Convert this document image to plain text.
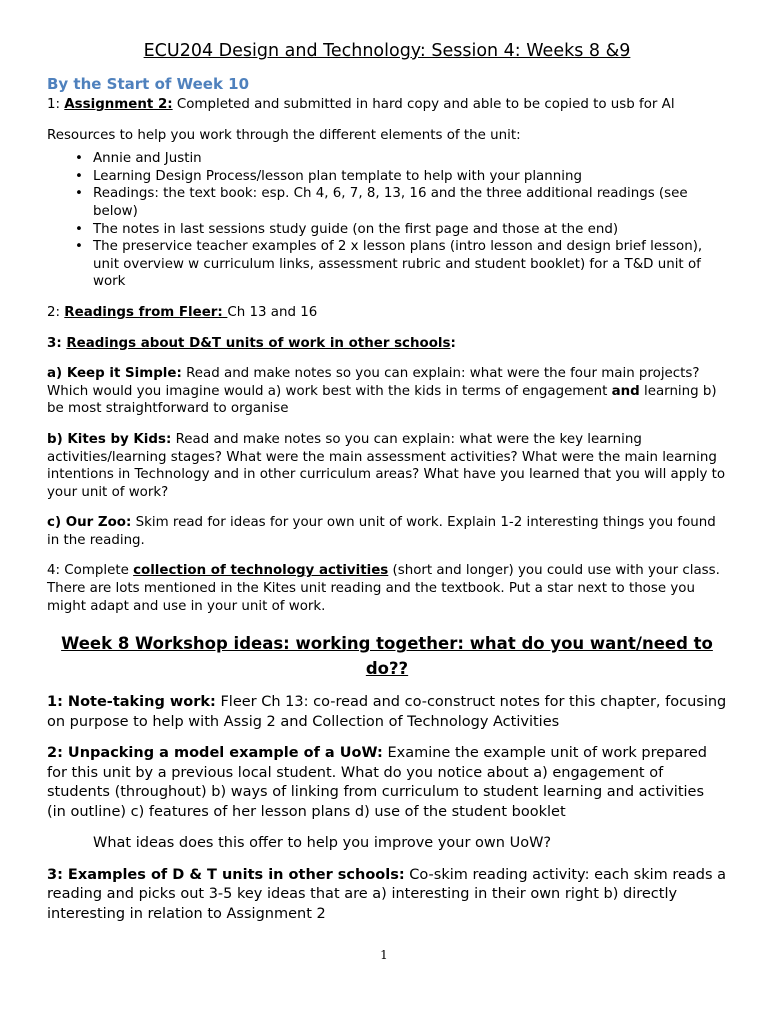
ECU204 Design and Technology: Session 4: Weeks 8 &9
By the Start of Week 10

1: Assignment 2: Completed and submitted in hard copy and able to be copied to usb for Al

Resources to help you work through the different elements of the unit:

• Annie and Justin
• Learning Design Process/lesson plan template to help with your planning
• Readings: the text book: esp. Ch 4, 6, 7, 8, 13, 16 and the three additional readings (see below)
• The notes in last sessions study guide (on the first page and those at the end)
• The preservice teacher examples of 2 x lesson plans (intro lesson and design brief lesson), unit overview w curriculum links, assessment rubric and student booklet) for a T&D unit of work

2: Readings from Fleer: Ch 13 and 16

3: Readings about D&T units of work in other schools:

a) Keep it Simple: Read and make notes so you can explain: what were the four main projects? Which would you imagine would a) work best with the kids in terms of engagement and learning b) be most straightforward to organise

b) Kites by Kids: Read and make notes so you can explain: what were the key learning activities/learning stages? What were the main assessment activities? What were the main learning intentions in Technology and in other curriculum areas? What have you learned that you will apply to your unit of work?

c) Our Zoo: Skim read for ideas for your own unit of work. Explain 1-2 interesting things you found in the reading.

4: Complete collection of technology activities (short and longer) you could use with your class. There are lots mentioned in the Kites unit reading and the textbook. Put a star next to those you might adapt and use in your unit of work.

Week 8 Workshop ideas: working together: what do you want/need to do??

1: Note-taking work: Fleer Ch 13: co-read and co-construct notes for this chapter, focusing on purpose to help with Assig 2 and Collection of Technology Activities

2: Unpacking a model example of a UoW: Examine the example unit of work prepared for this unit by a previous local student. What do you notice about a) engagement of students (throughout) b) ways of linking from curriculum to student learning and activities (in outline) c) features of her lesson plans d) use of the student booklet

What ideas does this offer to help you improve your own UoW?

3: Examples of D & T units in other schools: Co-skim reading activity: each skim reads a reading and picks out 3-5 key ideas that are a) interesting in their own right b) directly interesting in relation to Assignment 2

1
